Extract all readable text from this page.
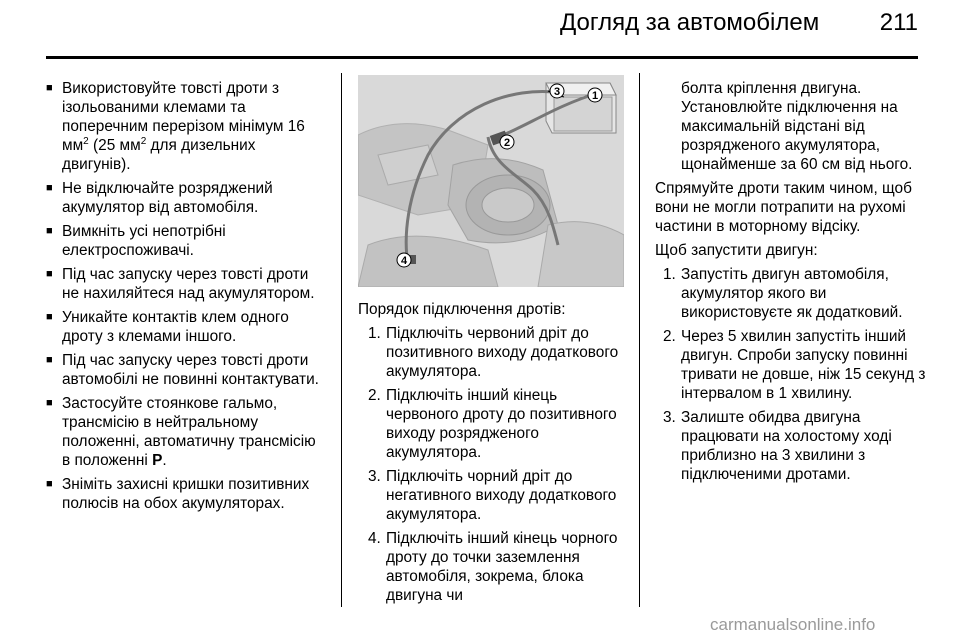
Догляд за автомобілем	211
■ Використовуйте товсті дроти з ізольованими клемами та поперечним перерізом мінімум 16 $мм^2$ (25 $мм^2$ для дизельних двигунів).
■ Не відключайте розряджений акумулятор від автомобіля.
■ Вимкніть усі непотрібні електроспоживачі.
■ Під час запуску через товсті дроти не нахиляйтеся над акумулятором.
■ Уникайте контактів клем одного дроту з клемами іншого.
■ Під час запуску через товсті дроти автомобілі не повинні контактувати.
■ Застосуйте стоянкове гальмо, трансмісію в нейтральному положенні, автоматичну трансмісію в положенні P.
■ Зніміть захисні кришки позитивних полюсів на обох акумуляторах.
3	1
2
4

Порядок підключення дротів:

1. Підключіть червоний дріт до позитивного виходу додаткового акумулятора.
2. Підключіть інший кінець червоного дроту до позитивного виходу розрядженого акумулятора.
3. Підключіть чорний дріт до негативного виходу додаткового акумулятора.
4. Підключіть інший кінець чорного дроту до точки заземлення автомобіля, зокрема, блока двигуна чи
болта кріплення двигуна. Установлюйте підключення на максимальній відстані від розрядженого акумулятора, щонайменше за 60 см від нього.

Спрямуйте дроти таким чином, щоб вони не могли потрапити на рухомі частини в моторному відсіку.

Щоб запустити двигун:

1. Запустіть двигун автомобіля, акумулятор якого ви використовуєте як додатковий.
2. Через 5 хвилин запустіть інший двигун. Спроби запуску повинні тривати не довше, ніж 15 секунд з інтервалом в 1 хвилину.
3. Залиште обидва двигуна працювати на холостому ході приблизно на 3 хвилини з підключеними дротами.
carmanualsonline.info
